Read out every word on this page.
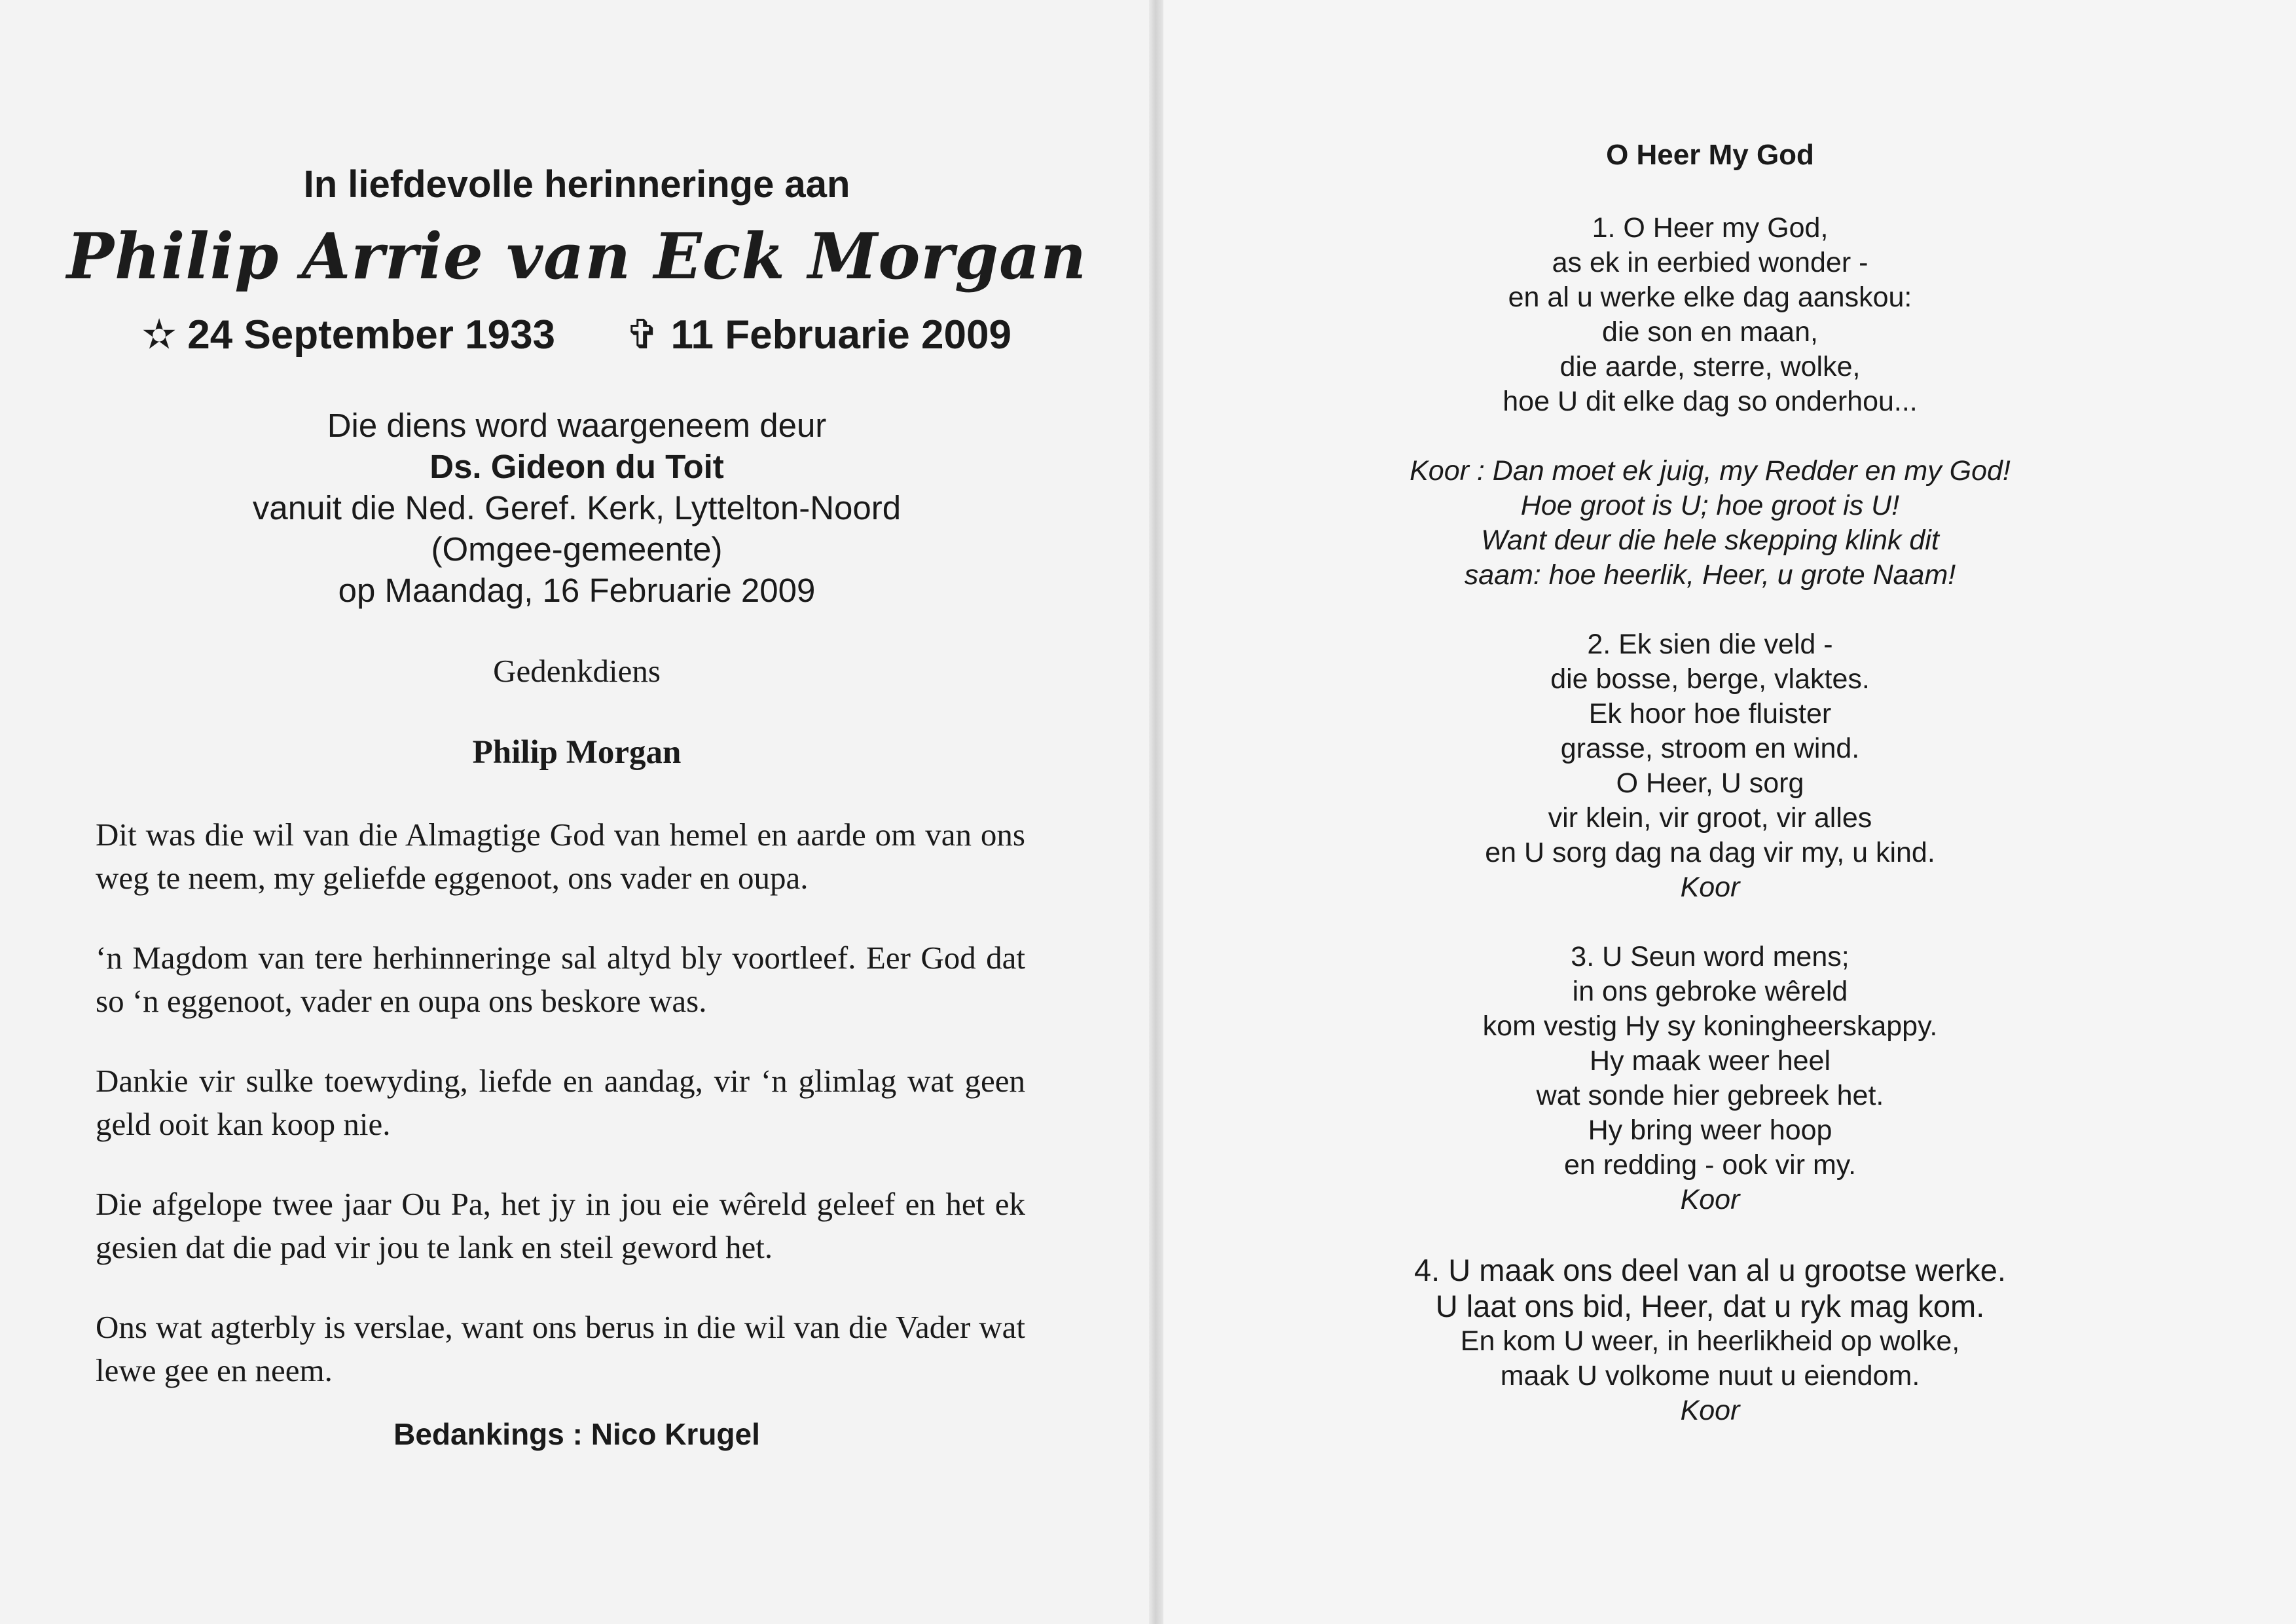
In liefdevolle herinneringe aan
Philip Arrie van Eck Morgan
✫ 24 September 1933 ✞ 11 Februarie 2009
Die diens word waargeneem deur
Ds. Gideon du Toit
vanuit die Ned. Geref. Kerk, Lyttelton-Noord
(Omgee-gemeente)
op Maandag, 16 Februarie 2009
Gedenkdiens
Philip Morgan

Dit was die wil van die Almagtige God van hemel en aarde om van ons weg te neem, my geliefde eggenoot, ons vader en oupa.

‘n Magdom van tere herhinneringe sal altyd bly voortleef. Eer God dat so ‘n eggenoot, vader en oupa ons beskore was.

Dankie vir sulke toewyding, liefde en aandag, vir ‘n glimlag wat geen geld ooit kan koop nie.

Die afgelope twee jaar Ou Pa, het jy in jou eie wêreld geleef en het ek gesien dat die pad vir jou te lank en steil geword het.

Ons wat agterbly is verslae, want ons berus in die wil van die Vader wat lewe gee en neem.

Bedankings : Nico Krugel
O Heer My God
1. O Heer my God,
as ek in eerbied wonder -
en al u werke elke dag aanskou:
die son en maan,
die aarde, sterre, wolke,
hoe U dit elke dag so onderhou...
Koor : Dan moet ek juig, my Redder en my God!
Hoe groot is U; hoe groot is U!
Want deur die hele skepping klink dit
saam: hoe heerlik, Heer, u grote Naam!
2. Ek sien die veld -
die bosse, berge, vlaktes.
Ek hoor hoe fluister
grasse, stroom en wind.
O Heer, U sorg
vir klein, vir groot, vir alles
en U sorg dag na dag vir my, u kind.
Koor
3. U Seun word mens;
in ons gebroke wêreld
kom vestig Hy sy koningheerskappy.
Hy maak weer heel
wat sonde hier gebreek het.
Hy bring weer hoop
en redding - ook vir my.
Koor
4. U maak ons deel van al u grootse werke.
U laat ons bid, Heer, dat u ryk mag kom.
En kom U weer, in heerlikheid op wolke,
maak U volkome nuut u eiendom.
Koor
